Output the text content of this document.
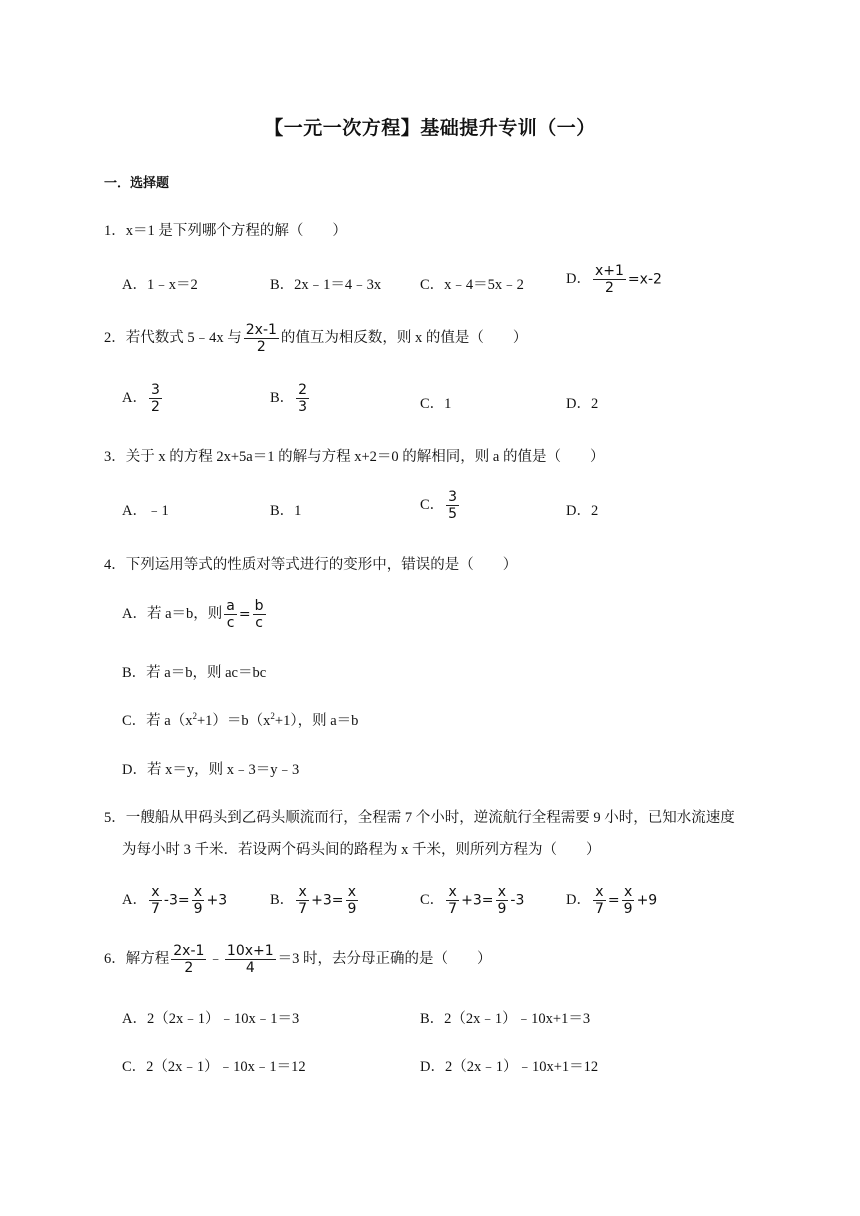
【一元一次方程】基础提升专训（一）
一．选择题
1．x＝1 是下列哪个方程的解（　　）
A．1﹣x＝2	B．2x﹣1＝4﹣3x	C．x﹣4＝5x﹣2	D． $\frac{x+1}{2} =x-2$
2．若代数式 5﹣4x 与 $\frac{2x-1}{2}$ 的值互为相反数，则 x 的值是（　　）
A． $\frac{3}{2}$	B． $\frac{2}{3}$	C．1	D．2
3．关于 x 的方程 2x+5a＝1 的解与方程 x+2＝0 的解相同，则 a 的值是（　　）
A．﹣1	B．1	C． $\frac{3}{5}$	D．2
4．下列运用等式的性质对等式进行的变形中，错误的是（　　）
A．若 a＝b，则 $\frac{a}{c} = \frac{b}{c}$
B．若 a＝b，则 ac＝bc
C．若 $a(x^2+1)=b(x^2+1)$，则 a＝b
D．若 x＝y，则 x﹣3＝y﹣3
5．一艘船从甲码头到乙码头顺流而行，全程需 7 个小时，逆流航行全程需要 9 小时，已知水流速度
为每小时 3 千米．若设两个码头间的路程为 x 千米，则所列方程为（　　）
A． $\frac{x}{7} -3= \frac{x}{9} +3$	B． $\frac{x}{7} +3= \frac{x}{9}$	C． $\frac{x}{7} +3= \frac{x}{9} -3$	D． $\frac{x}{7} = \frac{x}{9} +9$
6．解方程 $\frac{2x-1}{2}$ ﹣ $\frac{10x+1}{4} =3$ 时，去分母正确的是（　　）
A．2（2x﹣1）﹣10x﹣1＝3	B．2（2x﹣1）﹣10x+1＝3
C．2（2x﹣1）﹣10x﹣1＝12	D．2（2x﹣1）﹣10x+1＝12
